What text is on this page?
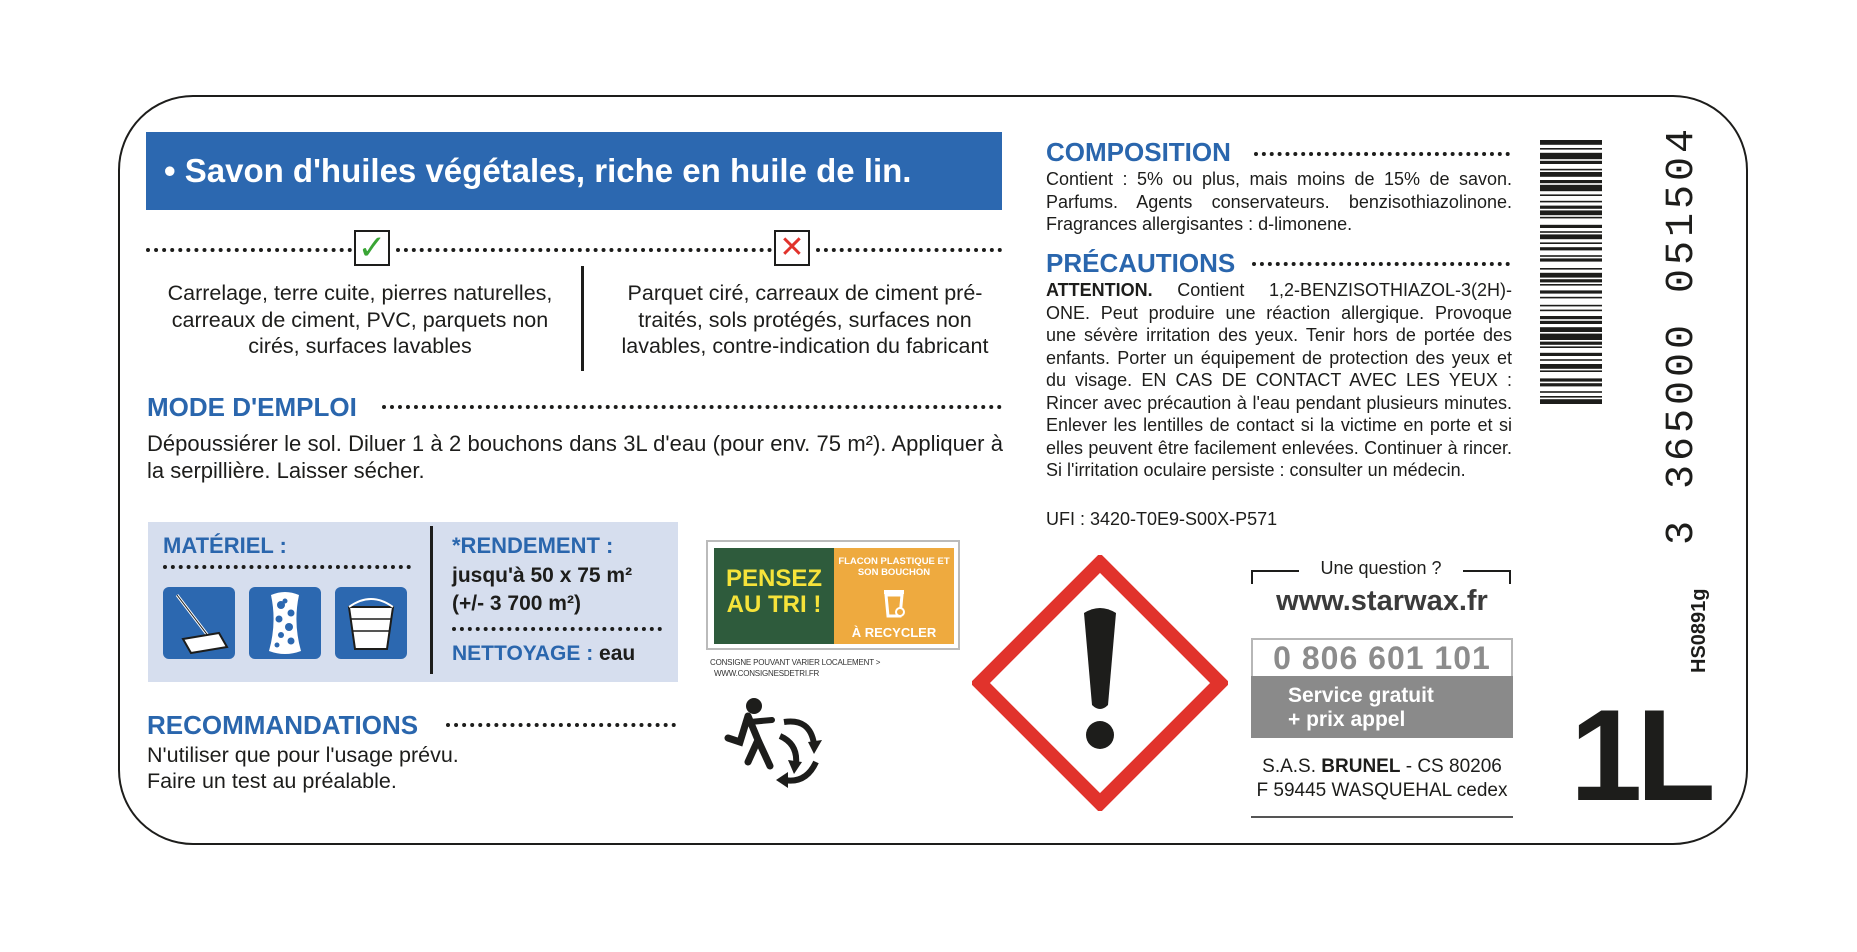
• Savon d'huiles végétales, riche en huile de lin.
✓	✕
Carrelage, terre cuite, pierres naturelles, carreaux de ciment, PVC, parquets non cirés, surfaces lavables
Parquet ciré, carreaux de ciment pré-traités, sols protégés, surfaces non lavables, contre-indication du fabricant
MODE D'EMPLOI
Dépoussiérer le sol. Diluer 1 à 2 bouchons dans 3L d'eau (pour env. 75 m²). Appliquer à la serpillière. Laisser sécher.
MATÉRIEL :	*RENDEMENT :
jusqu'à 50 x 75 m²
(+/- 3 700 m²)
NETTOYAGE : eau
RECOMMANDATIONS
N'utiliser que pour l'usage prévu.
Faire un test au préalable.
PENSEZ AU TRI !
FLACON PLASTIQUE ET SON BOUCHON
À RECYCLER
CONSIGNE POUVANT VARIER LOCALEMENT >
WWW.CONSIGNESDETRI.FR
COMPOSITION
Contient : 5% ou plus, mais moins de 15% de savon. Parfums. Agents conservateurs. benzisothiazolinone. Fragrances allergisantes : d-limonene.
PRÉCAUTIONS
ATTENTION. Contient 1,2-BENZISOTHIAZOL-3(2H)-ONE. Peut produire une réaction allergique. Provoque une sévère irritation des yeux. Tenir hors de portée des enfants. Porter un équipement de protection des yeux et du visage. EN CAS DE CONTACT AVEC LES YEUX : Rincer avec précaution à l'eau pendant plusieurs minutes. Enlever les lentilles de contact si la victime en porte et si elles peuvent être facilement enlevées. Continuer à rincer. Si l'irritation oculaire persiste : consulter un médecin.
UFI : 3420-T0E9-S00X-P571	3 365000 051504
HS0891g
Une question ?
www.starwax.fr
0 806 601 101
Service gratuit
+ prix appel
S.A.S. BRUNEL - CS 80206
F 59445 WASQUEHAL cedex 1L
